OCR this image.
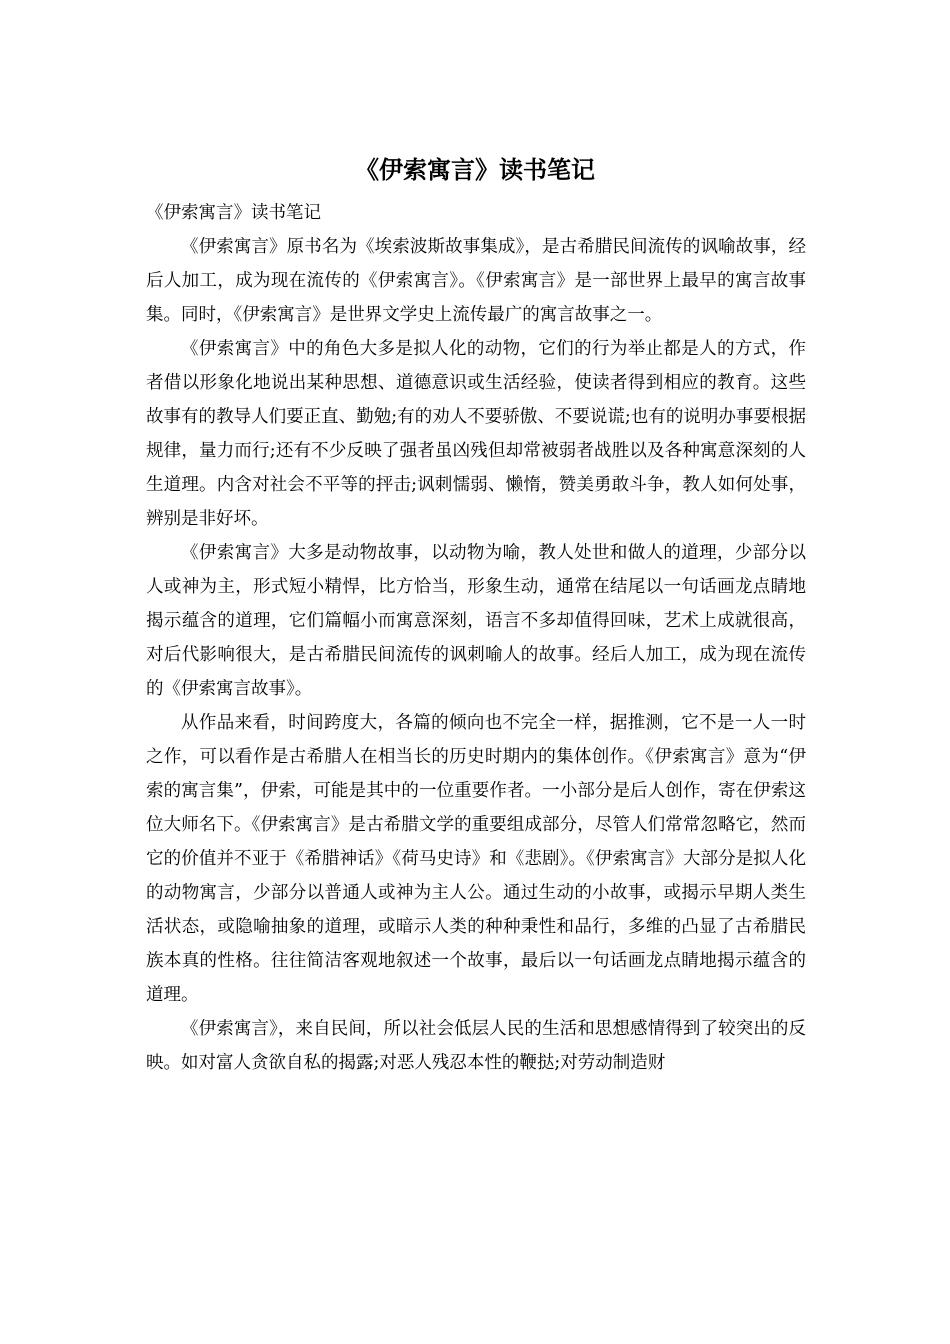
《伊索寓言》读书笔记

《伊索寓言》读书笔记

《伊索寓言》原书名为《埃索波斯故事集成》，是古希腊民间流传的讽喻故事，经后人加工，成为现在流传的《伊索寓言》。《伊索寓言》是一部世界上最早的寓言故事集。同时，《伊索寓言》是世界文学史上流传最广的寓言故事之一。

《伊索寓言》中的角色大多是拟人化的动物，它们的行为举止都是人的方式，作者借以形象化地说出某种思想、道德意识或生活经验，使读者得到相应的教育。这些故事有的教导人们要正直、勤勉;有的劝人不要骄傲、不要说谎;也有的说明办事要根据规律，量力而行;还有不少反映了强者虽凶残但却常被弱者战胜以及各种寓意深刻的人生道理。内含对社会不平等的抨击;讽刺懦弱、懒惰，赞美勇敢斗争，教人如何处事，辨别是非好坏。

《伊索寓言》大多是动物故事，以动物为喻，教人处世和做人的道理，少部分以人或神为主，形式短小精悍，比方恰当，形象生动，通常在结尾以一句话画龙点睛地揭示蕴含的道理，它们篇幅小而寓意深刻，语言不多却值得回味，艺术上成就很高，对后代影响很大，是古希腊民间流传的讽刺喻人的故事。经后人加工，成为现在流传的《伊索寓言故事》。

从作品来看，时间跨度大，各篇的倾向也不完全一样，据推测，它不是一人一时之作，可以看作是古希腊人在相当长的历史时期内的集体创作。《伊索寓言》意为“伊索的寓言集”，伊索，可能是其中的一位重要作者。一小部分是后人创作，寄在伊索这位大师名下。《伊索寓言》是古希腊文学的重要组成部分，尽管人们常常忽略它，然而它的价值并不亚于《希腊神话》《荷马史诗》和《悲剧》。《伊索寓言》大部分是拟人化的动物寓言，少部分以普通人或神为主人公。通过生动的小故事，或揭示早期人类生活状态，或隐喻抽象的道理，或暗示人类的种种秉性和品行，多维的凸显了古希腊民族本真的性格。往往简洁客观地叙述一个故事，最后以一句话画龙点睛地揭示蕴含的道理。

《伊索寓言》，来自民间，所以社会低层人民的生活和思想感情得到了较突出的反映。如对富人贪欲自私的揭露;对恶人残忍本性的鞭挞;对劳动制造财
